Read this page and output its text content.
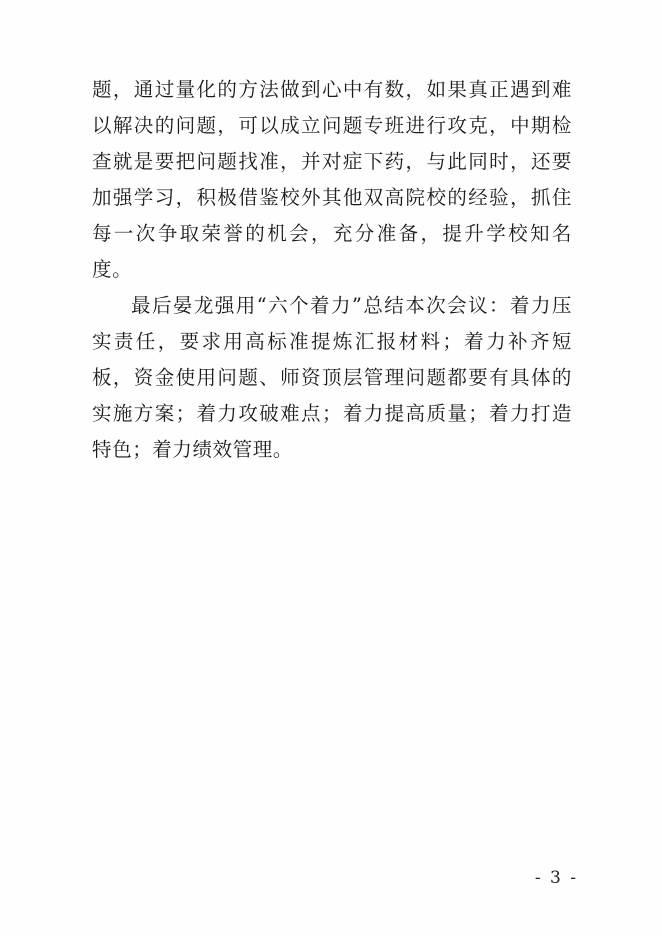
题，通过量化的方法做到心中有数，如果真正遇到难以解决的问题，可以成立问题专班进行攻克，中期检查就是要把问题找准，并对症下药，与此同时，还要加强学习，积极借鉴校外其他双高院校的经验，抓住每一次争取荣誉的机会，充分准备，提升学校知名度。

最后晏龙强用“六个着力”总结本次会议：着力压实责任，要求用高标准提炼汇报材料；着力补齐短板，资金使用问题、师资顶层管理问题都要有具体的实施方案；着力攻破难点；着力提高质量；着力打造特色；着力绩效管理。

- 3 -
